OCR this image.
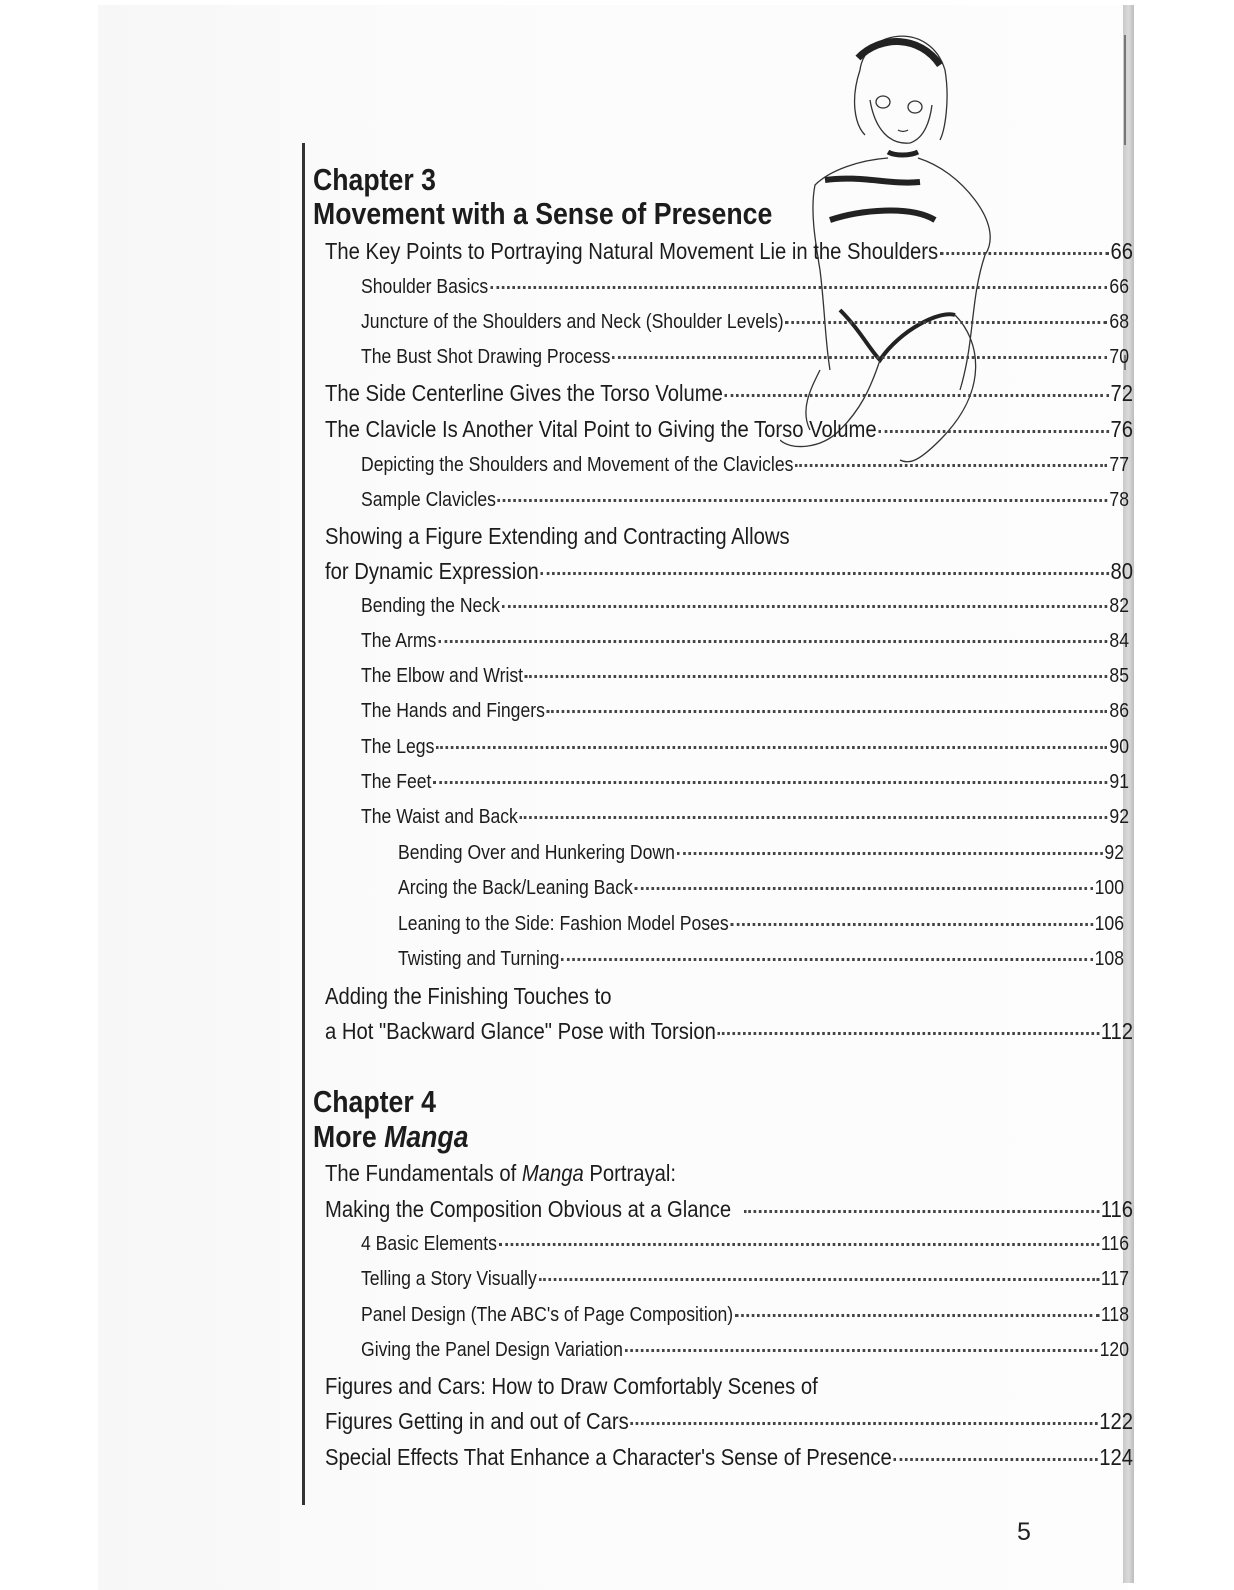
Chapter 3
Movement with a Sense of Presence
The Key Points to Portraying Natural Movement Lie in the Shoulders	66
Shoulder Basics	66
Juncture of the Shoulders and Neck (Shoulder Levels)	68
The Bust Shot Drawing Process	70
The Side Centerline Gives the Torso Volume	72
The Clavicle Is Another Vital Point to Giving the Torso Volume	76
Depicting the Shoulders and Movement of the Clavicles	77
Sample Clavicles	78
Showing a Figure Extending and Contracting Allows
for Dynamic Expression	80
Bending the Neck	82
The Arms	84
The Elbow and Wrist	85
The Hands and Fingers	86
The Legs	90
The Feet	91
The Waist and Back	92
Bending Over and Hunkering Down	92
Arcing the Back/Leaning Back	100
Leaning to the Side: Fashion Model Poses	106
Twisting and Turning	108
Adding the Finishing Touches to
a Hot "Backward Glance" Pose with Torsion	112
Chapter 4
More Manga
The Fundamentals of Manga Portrayal:
Making the Composition Obvious at a Glance	116
4 Basic Elements	116
Telling a Story Visually	117
Panel Design (The ABC's of Page Composition)	118
Giving the Panel Design Variation	120
Figures and Cars: How to Draw Comfortably Scenes of
Figures Getting in and out of Cars	122
Special Effects That Enhance a Character's Sense of Presence	124
5
